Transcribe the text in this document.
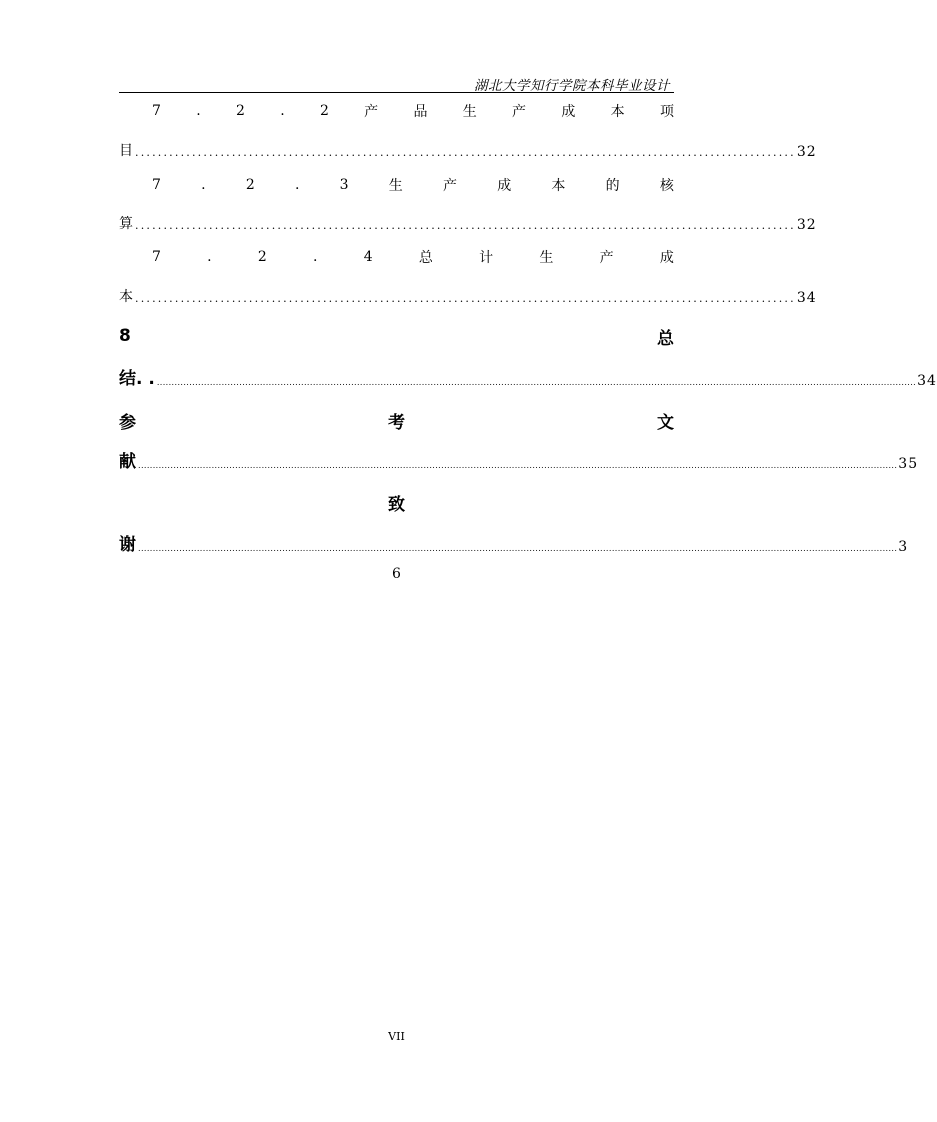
湖北大学知行学院本科毕业设计
7	.	2	.	2	产	品	生	产	成	本	项
目 .................................................................................................................... 32
7	.	2	.	3	生	产	成	本	的	核
算 .................................................................................................................... 32
7	.	2	.	4	总	计	生	产	成
本 .................................................................................................................... 34
8	总
结. . .................................................................................................................................................................................................................................................................. 34
参	考	文
献 .................................................................................................................................................................................................................................................................. 35
致
谢 .................................................................................................................................................................................................................................................................. 3
6
VII
